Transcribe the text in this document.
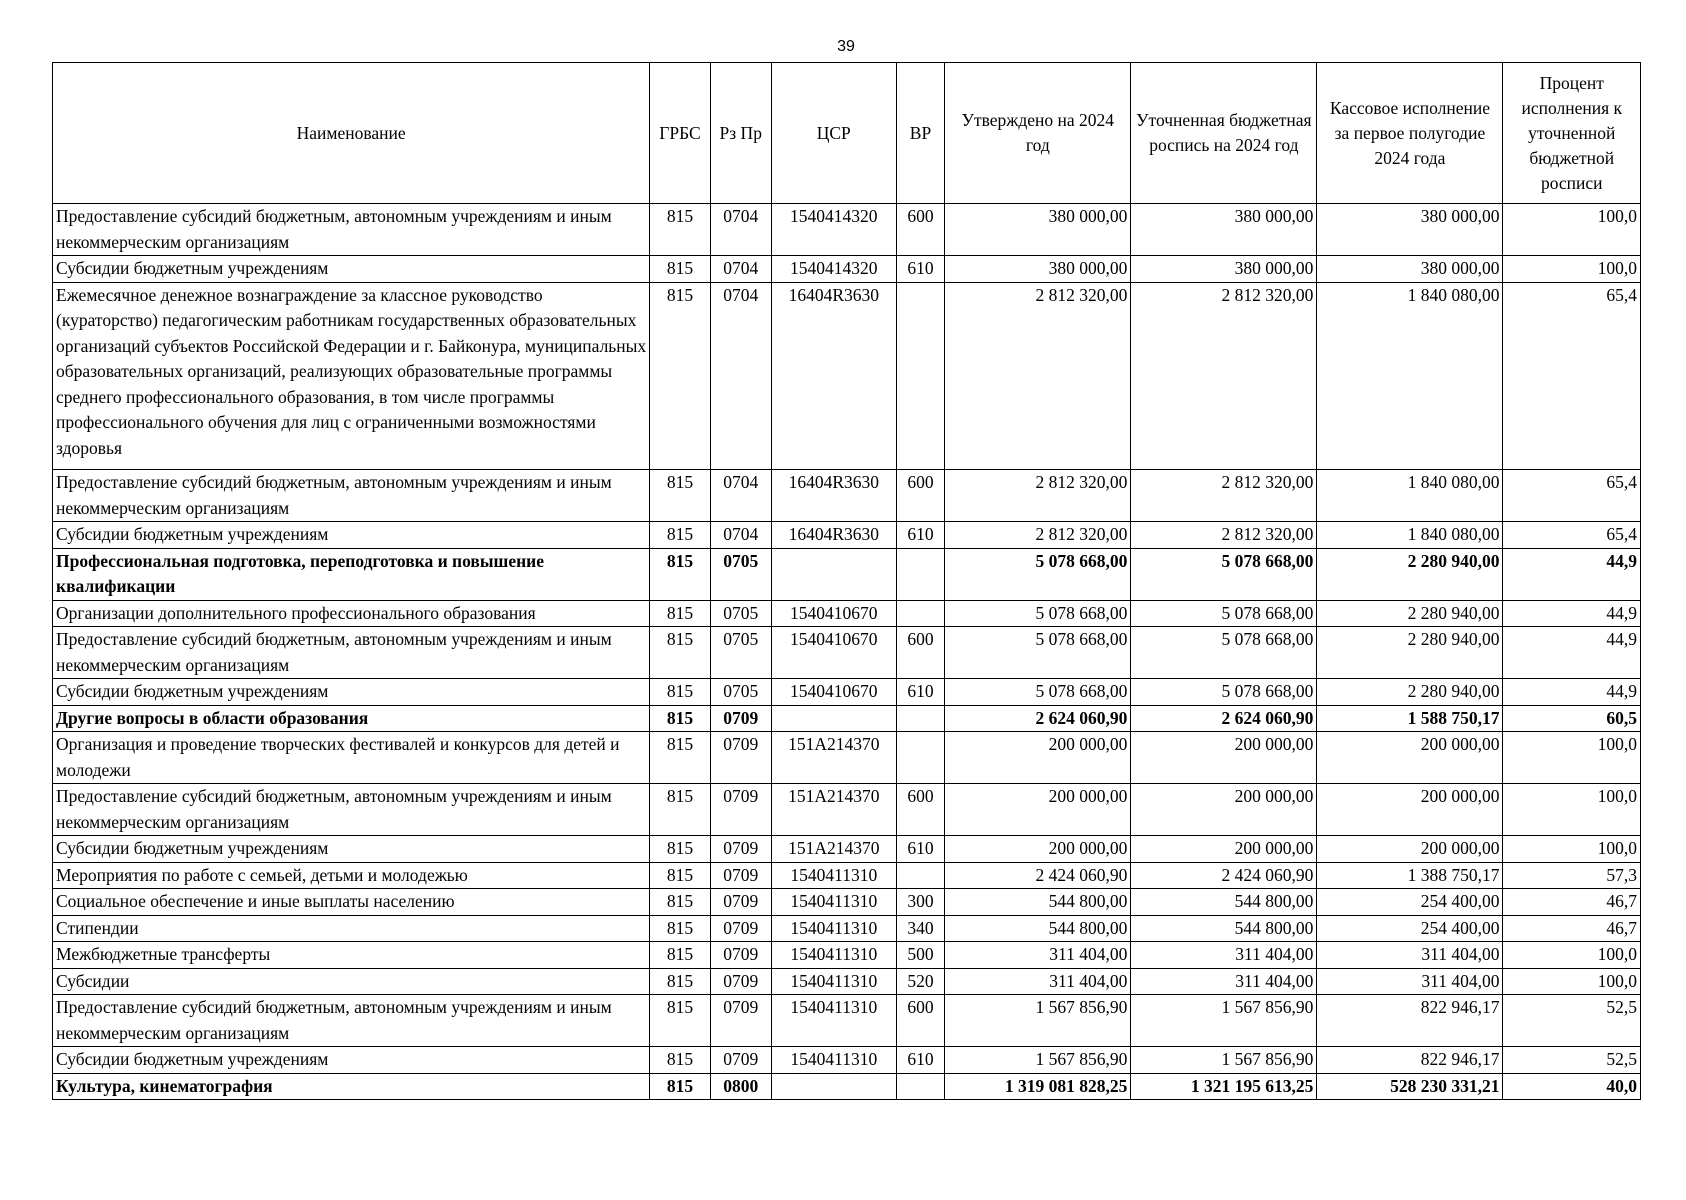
39
Наименование	ГРБС	Рз Пр	ЦСР	ВР	Утверждено на 2024 год	Уточненная бюджетная роспись на 2024 год	Кассовое исполнение за первое полугодие 2024 года	Процент исполнения к уточненной бюджетной росписи
Предоставление субсидий бюджетным, автономным учреждениям и иным некоммерческим организациям	815	0704	1540414320	600	380 000,00	380 000,00	380 000,00	100,0
Субсидии бюджетным учреждениям	815	0704	1540414320	610	380 000,00	380 000,00	380 000,00	100,0
Ежемесячное денежное вознаграждение за классное руководство (кураторство) педагогическим работникам государственных образовательных организаций субъектов Российской Федерации и г. Байконура, муниципальных образовательных организаций, реализующих образовательные программы среднего профессионального образования, в том числе программы профессионального обучения для лиц с ограниченными возможностями здоровья	815	0704	16404R3630		2 812 320,00	2 812 320,00	1 840 080,00	65,4
Предоставление субсидий бюджетным, автономным учреждениям и иным некоммерческим организациям	815	0704	16404R3630	600	2 812 320,00	2 812 320,00	1 840 080,00	65,4
Субсидии бюджетным учреждениям	815	0704	16404R3630	610	2 812 320,00	2 812 320,00	1 840 080,00	65,4
Профессиональная подготовка, переподготовка и повышение квалификации	815	0705			5 078 668,00	5 078 668,00	2 280 940,00	44,9
Организации дополнительного профессионального образования	815	0705	1540410670		5 078 668,00	5 078 668,00	2 280 940,00	44,9
Предоставление субсидий бюджетным, автономным учреждениям и иным некоммерческим организациям	815	0705	1540410670	600	5 078 668,00	5 078 668,00	2 280 940,00	44,9
Субсидии бюджетным учреждениям	815	0705	1540410670	610	5 078 668,00	5 078 668,00	2 280 940,00	44,9
Другие вопросы в области образования	815	0709			2 624 060,90	2 624 060,90	1 588 750,17	60,5
Организация и проведение творческих фестивалей и конкурсов для детей и молодежи	815	0709	151А214370		200 000,00	200 000,00	200 000,00	100,0
Предоставление субсидий бюджетным, автономным учреждениям и иным некоммерческим организациям	815	0709	151А214370	600	200 000,00	200 000,00	200 000,00	100,0
Субсидии бюджетным учреждениям	815	0709	151А214370	610	200 000,00	200 000,00	200 000,00	100,0
Мероприятия по работе с семьей, детьми и молодежью	815	0709	1540411310		2 424 060,90	2 424 060,90	1 388 750,17	57,3
Социальное обеспечение и иные выплаты населению	815	0709	1540411310	300	544 800,00	544 800,00	254 400,00	46,7
Стипендии	815	0709	1540411310	340	544 800,00	544 800,00	254 400,00	46,7
Межбюджетные трансферты	815	0709	1540411310	500	311 404,00	311 404,00	311 404,00	100,0
Субсидии	815	0709	1540411310	520	311 404,00	311 404,00	311 404,00	100,0
Предоставление субсидий бюджетным, автономным учреждениям и иным некоммерческим организациям	815	0709	1540411310	600	1 567 856,90	1 567 856,90	822 946,17	52,5
Субсидии бюджетным учреждениям	815	0709	1540411310	610	1 567 856,90	1 567 856,90	822 946,17	52,5
Культура, кинематография	815	0800			1 319 081 828,25	1 321 195 613,25	528 230 331,21	40,0
